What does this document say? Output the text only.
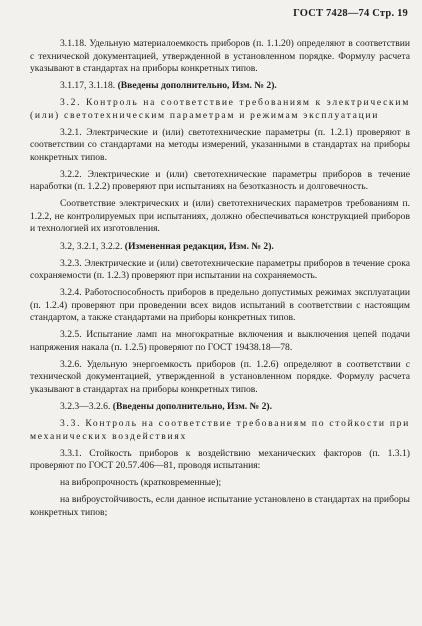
ГОСТ 7428—74 Стр. 19

3.1.18. Удельную материалоемкость приборов (п. 1.1.20) определяют в соответствии с технической документацией, утвержденной в установленном порядке. Формулу расчета указывают в стандартах на приборы конкретных типов.

3.1.17, 3.1.18. (Введены дополнительно, Изм. № 2).

3.2. Контроль на соответствие требованиям к электрическим (или) светотехническим параметрам и режимам эксплуатации

3.2.1. Электрические и (или) светотехнические параметры (п. 1.2.1) проверяют в соответствии со стандартами на методы измерений, указанными в стандартах на приборы конкретных типов.

3.2.2. Электрические и (или) светотехнические параметры приборов в течение наработки (п. 1.2.2) проверяют при испытаниях на безотказность и долговечность.

Соответствие электрических и (или) светотехнических параметров требованиям п. 1.2.2, не контролируемых при испытаниях, должно обеспечиваться конструкцией приборов и технологией их изготовления.

3.2, 3.2.1, 3.2.2. (Измененная редакция, Изм. № 2).

3.2.3. Электрические и (или) светотехнические параметры приборов в течение срока сохраняемости (п. 1.2.3) проверяют при испытании на сохраняемость.

3.2.4. Работоспособность приборов в предельно допустимых режимах эксплуатации (п. 1.2.4) проверяют при проведении всех видов испытаний в соответствии с настоящим стандартом, а также стандартами на приборы конкретных типов.

3.2.5. Испытание ламп на многократные включения и выключения цепей подачи напряжения накала (п. 1.2.5) проверяют по ГОСТ 19438.18—78.

3.2.6. Удельную энергоемкость приборов (п. 1.2.6) определяют в соответствии с технической документацией, утвержденной в установленном порядке. Формулу расчета указывают в стандартах на приборы конкретных типов.

3.2.3—3.2.6. (Введены дополнительно, Изм. № 2).

3.3. Контроль на соответствие требованиям по стойкости при механических воздействиях

3.3.1. Стойкость приборов к воздействию механических факторов (п. 1.3.1) проверяют по ГОСТ 20.57.406—81, проводя испытания:

на вибропрочность (кратковременные);

на виброустойчивость, если данное испытание установлено в стандартах на приборы конкретных типов;
